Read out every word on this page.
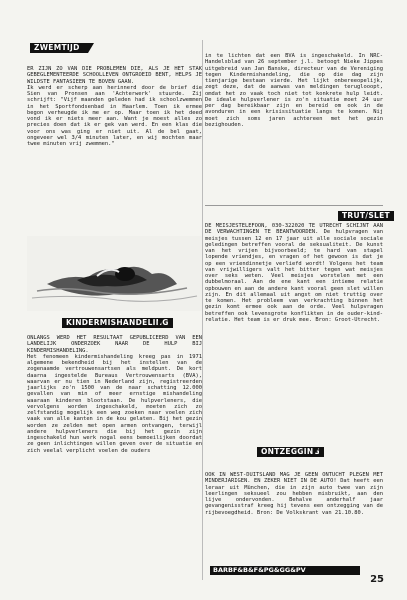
ZWEMTIJD

ER ZIJN ZO VAN DIE PROBLEMEN DIE, ALS JE HET STAK GEBEGLEMENTEERDE SCHOOLLEVEN ONTGROEID BENT, HELPS JE WILDSTE FANTASIEEN TE BOVEN GAAN.

Ik werd er scherp aan herinnerd door de brief die Sien van Pronsen aan 'Achterwerk' stuurde. Zij schrijft: "Vijf maanden geleden had ik schoolzwemmen in het Sportfondsenbad in Haarlem. Toen ik ermee begon verheugde ik me er op. Maar toen ik het deed vond ik er niets meer aan. Want je moest alles zo precies doen dat ik er gek van werd. En een klas die voor ons was ging er niet uit. Al de bel gaat, ongeveer wel 3/4 minuten later, en wij mochten maar twee minuten vrij zwemmen."

KINDERMISHANDELING

ONLANGS WERD HET RESULTAAT GEPUBLICEERD VAN EEN LANDELIJK ONDERZOEK NAAR DE HULP BIJ KINDERMISHANDELING.

Het fenomeen kindermishandeling kreeg pas in 1971 algemene bekendheid bij het instellen van de zogenaamde vertrouwensartsen als meldpunt. De kort daarna ingestelde Bureaus Vertrouwensarts (BVA), waarvan er nu tien in Nederland zijn, registreerden jaarlijks zo'n 1500 van de naar schatting 12.000 gevallen van min of meer ernstige mishandeling waaraan kinderen blootstaan. De hulpverleners, die vervolgens worden ingeschakeld, moeten zich zo zelfstandig mogelijk een weg zoeken naar voelen zich vaak van alle kanten in de kou gelaten. Bij het gezin worden ze zelden met open armen ontvangen, terwijl andere hulpverleners die bij het gezin zijn ingeschakeld hun werk nogal eens bemoeilijken doordat ze geen inlichtingen willen geven over de situatie en zich veelal verplicht voelen de ouders

in te lichten dat een BVA is ingeschakeld. In NRC-Handelsblad van 26 september j.l. betoogt Nieke Jippes uitgebreid van Jan Banske, directeur van de Vereniging tegen Kindermishandeling, die op die dag zijn tienjarige bestaan vierde. Het lijkt onbereeopelijk, zegt deze, dat de aanwas van meldingen teruglooopt, omdat het zo vaak toch niet tot konkrete hulp leidt. De ideale hulpverlener is zo'n situatie moet 24 uur per dag bereikbaar zijn en bereid om ook in de avonduren in een krisissituatie langs te komen. Nij moet zich soms jaren achtereen met het gezin bezighouden.

TRUT/SLET

DE MEISJESTELEFOON, 030-322020 TE UTRECHT SCHIJNT AAN DE VERWACHTINGEN TE BEANTWOORDEN. De hulpvragen van meisjes tussen 12 en 17 jaar uit alle sociale sociale geledingen betreffen vooral de seksualiteit. De kunst van het vrijen bijvoorbeeld; te hard van stapel lopende vriendjes, en vragen of het gewoon is dat je op een vriendinnetje verliefd wordt! Volgens het team van vrijwilligers valt het bitter tegen wat meisjes over seks weten. Veel meisjes worstelen met een dubbelmoraal. Aan de ene kant een intieme relatie opbouwen en aan de andere kant vooral geen slet willen zijn. En dit allemaal uit angst om niet truttig over te komen. Het probleem van verkrachting binnen het gezin komt ermee ook aan de orde. Veel hulpvragen betreffen ook levensgrote konflikten in de ouder-kind-relatie. Het team is er druk mee. Bron: Groot-Utrecht.

ONTZEGGING

OOK IN WEST-DUITSLAND MAG JE GEEN ONTUCHT PLEGEN MET MINDERJARIGEN. EN ZEKER NIET IN DE AUTO! Dat heeft een leraar uit München, die in zijn auto twee van zijn leerlingen seksueel zou hebben misbruikt, aan den lijve ondervonden. Behalve anderhalf jaar gevangenisstraf kreeg hij tevens een ontzegging van de rijbevoegdheid. Bron: De Volkskrant van 21.10.80.

BARBF&B&F&PG&GG&PV
25
